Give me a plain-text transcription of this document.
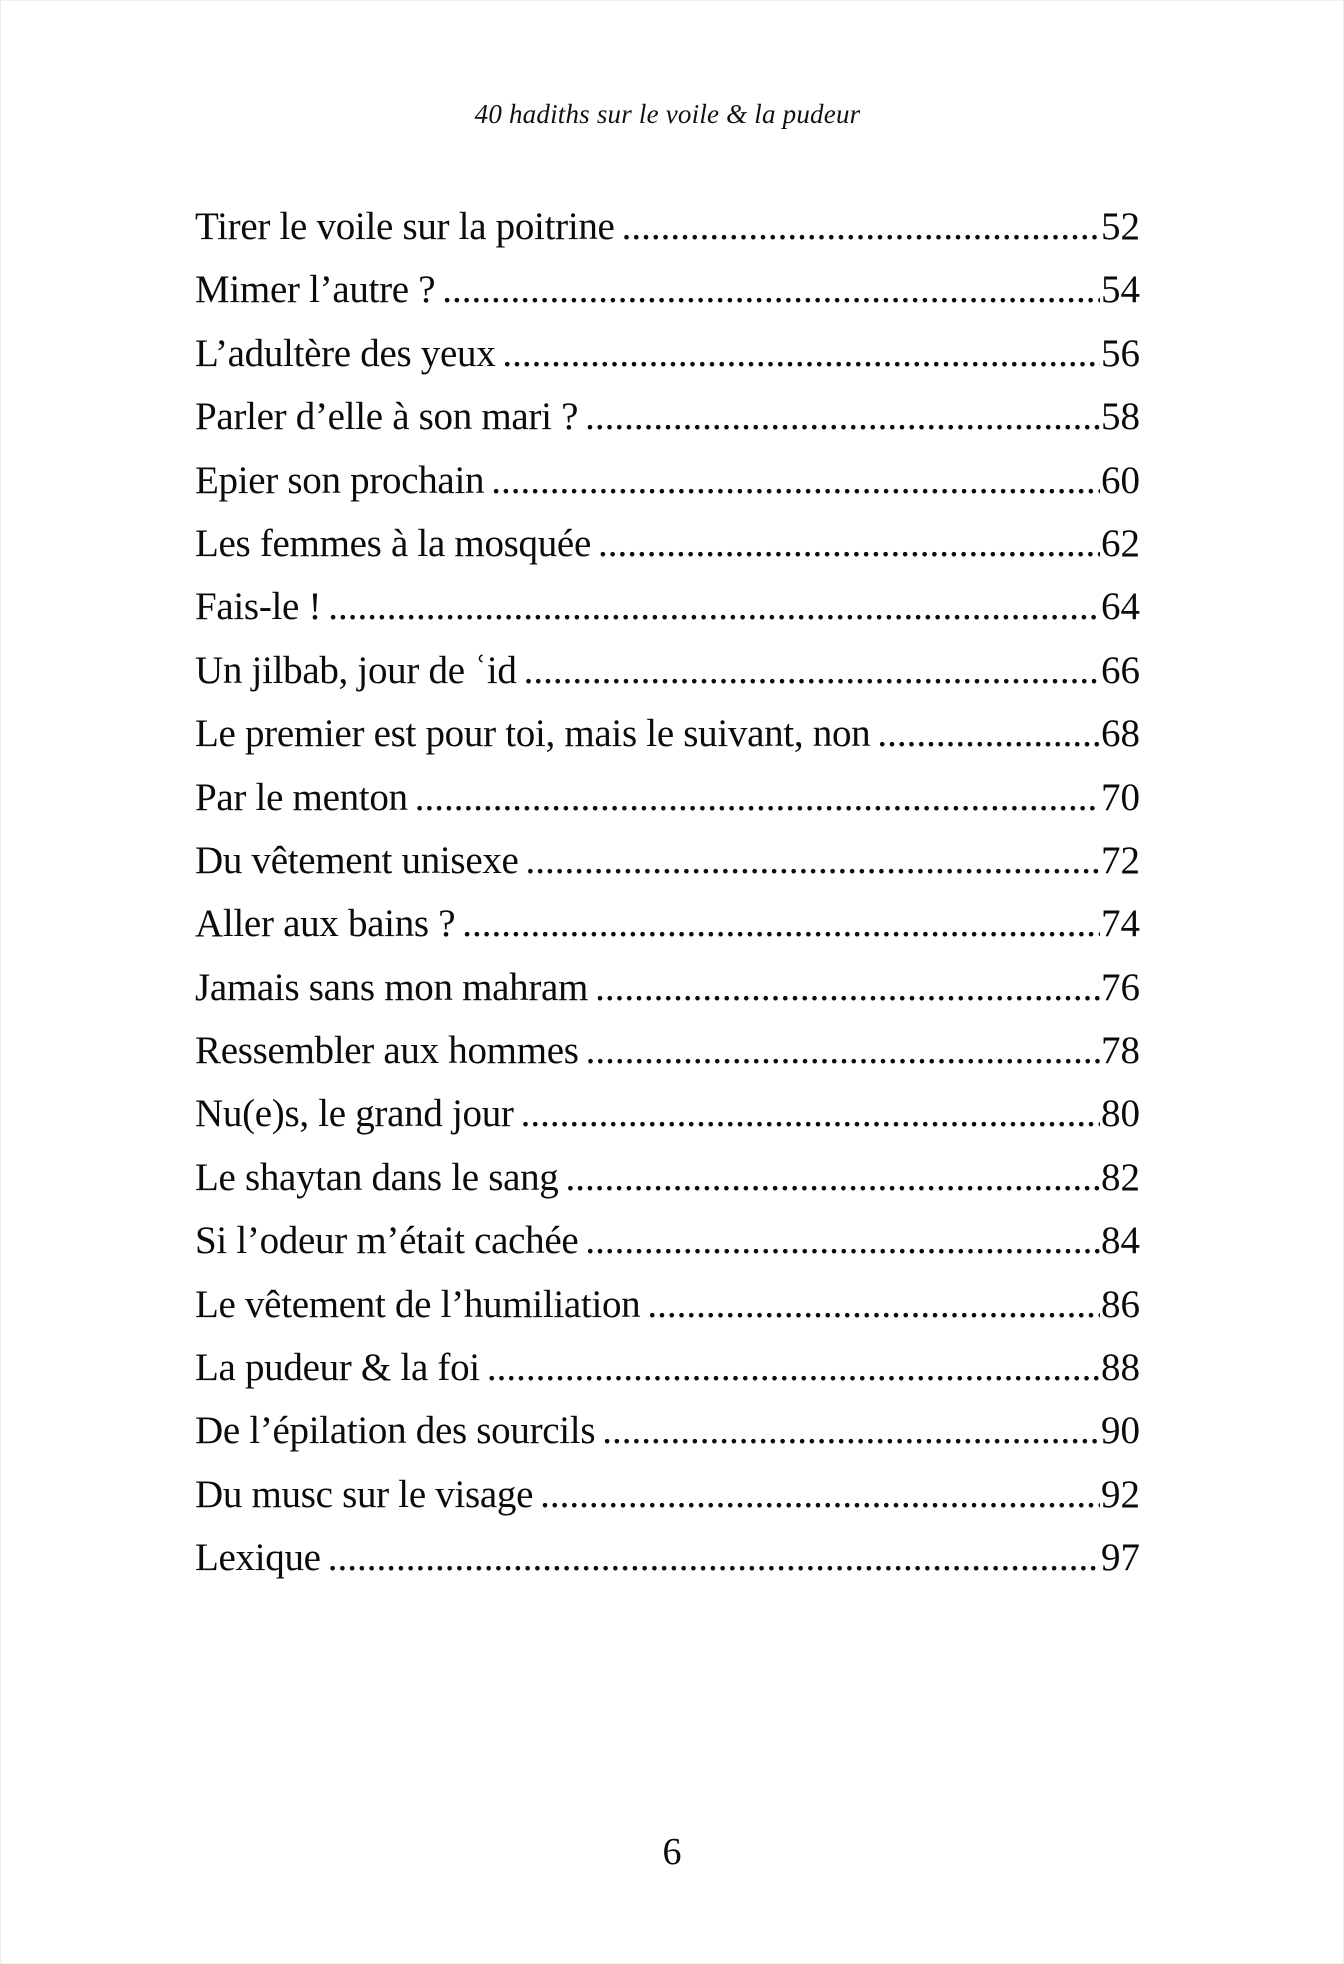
40 hadiths sur le voile & la pudeur
Tirer le voile sur la poitrine .....	52
Mimer l’autre ? .....	54
L’adultère des yeux .....	56
Parler d’elle à son mari ? .....	58
Epier son prochain .....	60
Les femmes à la mosquée .....	62
Fais-le ! .....	64
Un jilbab, jour de ʿid .....	66
Le premier est pour toi, mais le suivant, non .....	68
Par le menton .....	70
Du vêtement unisexe .....	72
Aller aux bains ? .....	74
Jamais sans mon mahram .....	76
Ressembler aux hommes .....	78
Nu(e)s, le grand jour .....	80
Le shaytan dans le sang .....	82
Si l’odeur m’était cachée .....	84
Le vêtement de l’humiliation .....	86
La pudeur & la foi .....	88
De l’épilation des sourcils .....	90
Du musc sur le visage .....	92
Lexique .....	97
6
